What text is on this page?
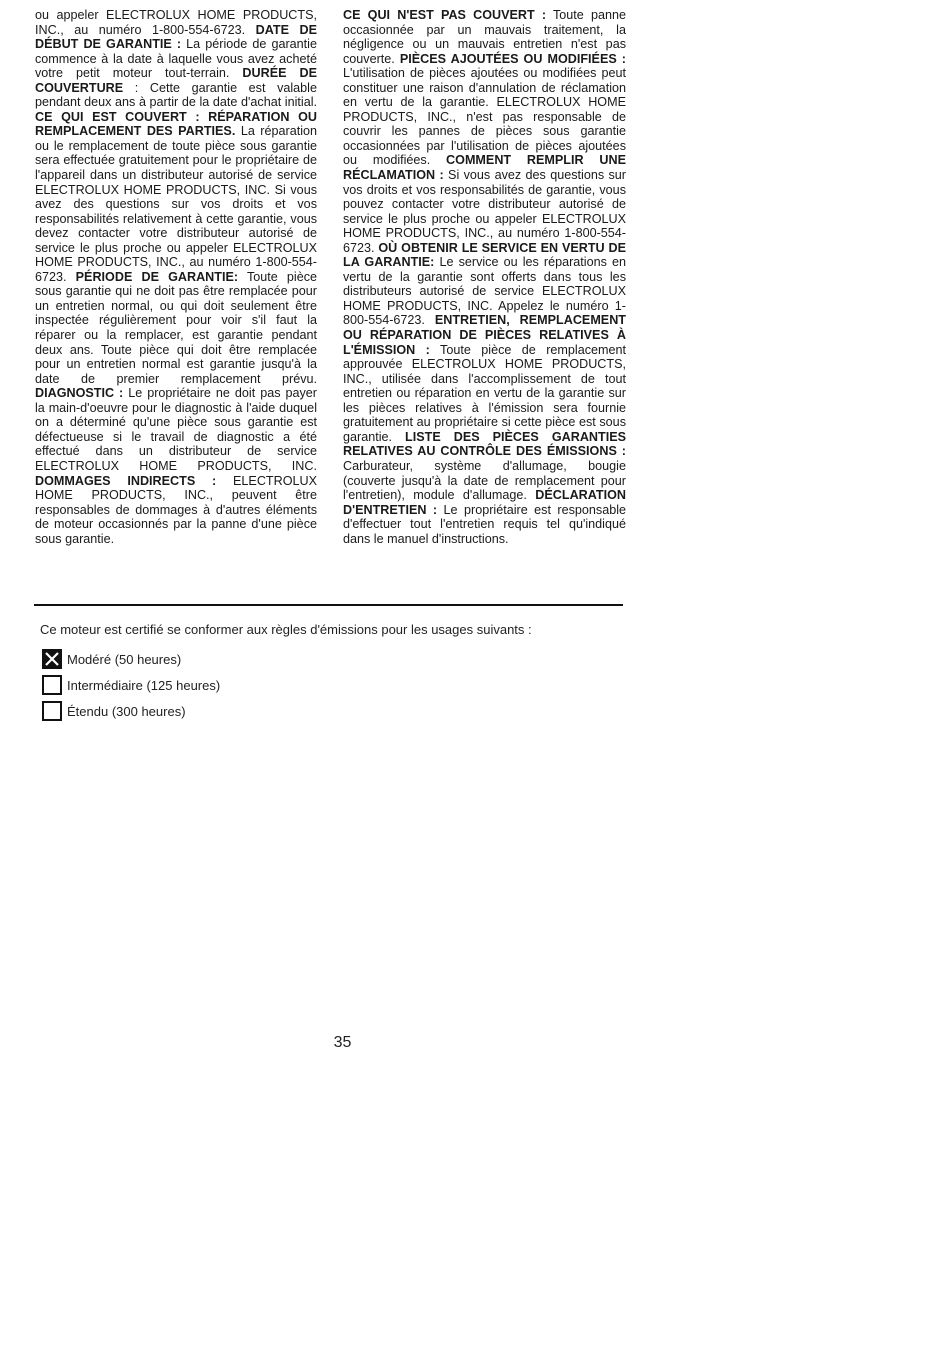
ou appeler ELECTROLUX HOME PRODUCTS, INC., au numéro 1-800-554-6723. DATE DE DÉBUT DE GARANTIE : La période de garantie commence à la date à laquelle vous avez acheté votre petit moteur tout-terrain. DURÉE DE COUVERTURE : Cette garantie est valable pendant deux ans à partir de la date d'achat initial. CE QUI EST COUVERT : RÉPARATION OU REMPLACEMENT DES PARTIES. La réparation ou le remplacement de toute pièce sous garantie sera effectuée gratuitement pour le propriétaire de l'appareil dans un distributeur autorisé de service ELECTROLUX HOME PRODUCTS, INC. Si vous avez des questions sur vos droits et vos responsabilités relativement à cette garantie, vous devez contacter votre distributeur autorisé de service le plus proche ou appeler ELECTROLUX HOME PRODUCTS, INC., au numéro 1-800-554-6723. PÉRIODE DE GARANTIE: Toute pièce sous garantie qui ne doit pas être remplacée pour un entretien normal, ou qui doit seulement être inspectée régulièrement pour voir s'il faut la réparer ou la remplacer, est garantie pendant deux ans. Toute pièce qui doit être remplacée pour un entretien normal est garantie jusqu'à la date de premier remplacement prévu. DIAGNOSTIC : Le propriétaire ne doit pas payer la main-d'oeuvre pour le diagnostic à l'aide duquel on a déterminé qu'une pièce sous garantie est défectueuse si le travail de diagnostic a été effectué dans un distributeur de service ELECTROLUX HOME PRODUCTS, INC. DOMMAGES INDIRECTS : ELECTROLUX HOME PRODUCTS, INC., peuvent être responsables de dommages à d'autres éléments de moteur occasionnés par la panne d'une pièce sous garantie.

CE QUI N'EST PAS COUVERT : Toute panne occasionnée par un mauvais traitement, la négligence ou un mauvais entretien n'est pas couverte. PIÈCES AJOUTÉES OU MODIFIÉES : L'utilisation de pièces ajoutées ou modifiées peut constituer une raison d'annulation de réclamation en vertu de la garantie. ELECTROLUX HOME PRODUCTS, INC., n'est pas responsable de couvrir les pannes de pièces sous garantie occasionnées par l'utilisation de pièces ajoutées ou modifiées. COMMENT REMPLIR UNE RÉCLAMATION : Si vous avez des questions sur vos droits et vos responsabilités de garantie, vous pouvez contacter votre distributeur autorisé de service le plus proche ou appeler ELECTROLUX HOME PRODUCTS, INC., au numéro 1-800-554-6723. OÙ OBTENIR LE SERVICE EN VERTU DE LA GARANTIE: Le service ou les réparations en vertu de la garantie sont offerts dans tous les distributeurs autorisé de service ELECTROLUX HOME PRODUCTS, INC. Appelez le numéro 1-800-554-6723. ENTRETIEN, REMPLACEMENT OU RÉPARATION DE PIÈCES RELATIVES À L'ÉMISSION : Toute pièce de remplacement approuvée ELECTROLUX HOME PRODUCTS, INC., utilisée dans l'accomplissement de tout entretien ou réparation en vertu de la garantie sur les pièces relatives à l'émission sera fournie gratuitement au propriétaire si cette pièce est sous garantie. LISTE DES PIÈCES GARANTIES RELATIVES AU CONTRÔLE DES ÉMISSIONS : Carburateur, système d'allumage, bougie (couverte jusqu'à la date de remplacement pour l'entretien), module d'allumage. DÉCLARATION D'ENTRETIEN : Le propriétaire est responsable d'effectuer tout l'entretien requis tel qu'indiqué dans le manuel d'instructions.

Ce moteur est certifié se conformer aux règles d'émissions pour les usages suivants :
Modéré (50 heures)
Intermédiaire (125 heures)
Étendu (300 heures)
35
